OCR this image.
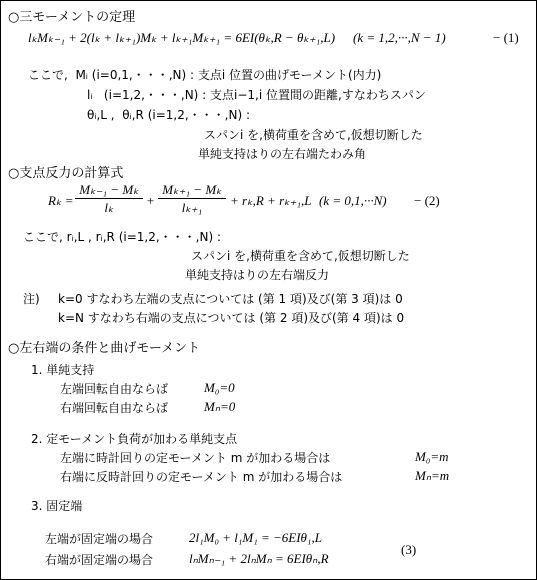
○三モーメントの定理
lₖMₖ₋₁ + 2(lₖ + lₖ₊₁)Mₖ + lₖ₊₁Mₖ₊₁ = 6EI(θₖ,R − θₖ₊₁,L) (k = 1,2,···,N − 1)	− (1)
ここで,  Mᵢ (i=0,1,・・・,N) : 支点i 位置の曲げモーメント(内力)
lᵢ   (i=1,2,・・・,N) : 支点i−1,i 位置間の距離,すなわちスパン
θᵢ,L ,  θᵢ,R (i=1,2,・・・,N) :
スパンi を,横荷重を含めて,仮想切断した
単純支持はりの左右端たわみ角
○支点反力の計算式
Rₖ =
Mₖ₋₁ − Mₖ
lₖ	+
Mₖ₊₁ − Mₖ
lₖ₊₁	+ rₖ,R + rₖ₊₁,L (k = 0,1,···N) − (2)
ここで, rᵢ,L , rᵢ,R (i=1,2,・・・,N) :
スパンi を,横荷重を含めて,仮想切断した
単純支持はりの左右端反力
注) k=0 すなわち左端の支点については (第 1 項)及び(第 3 項)は 0
k=N すなわち右端の支点については (第 2 項)及び(第 4 項)は 0
○左右端の条件と曲げモーメント
1. 単純支持
左端回転自由ならば	M₀=0
右端回転自由ならば	Mₙ=0
2. 定モーメント負荷が加わる単純支点
左端に時計回りの定モーメント m が加わる場合は	M₀=m
右端に反時計回りの定モーメント m が加わる場合は	Mₙ=m
3. 固定端
左端が固定端の場合	2l₁M₀ + l₁M₁ = −6EIθ₁,L
右端が固定端の場合	lₙMₙ₋₁ + 2lₙMₙ = 6EIθₙ,R
(3)
